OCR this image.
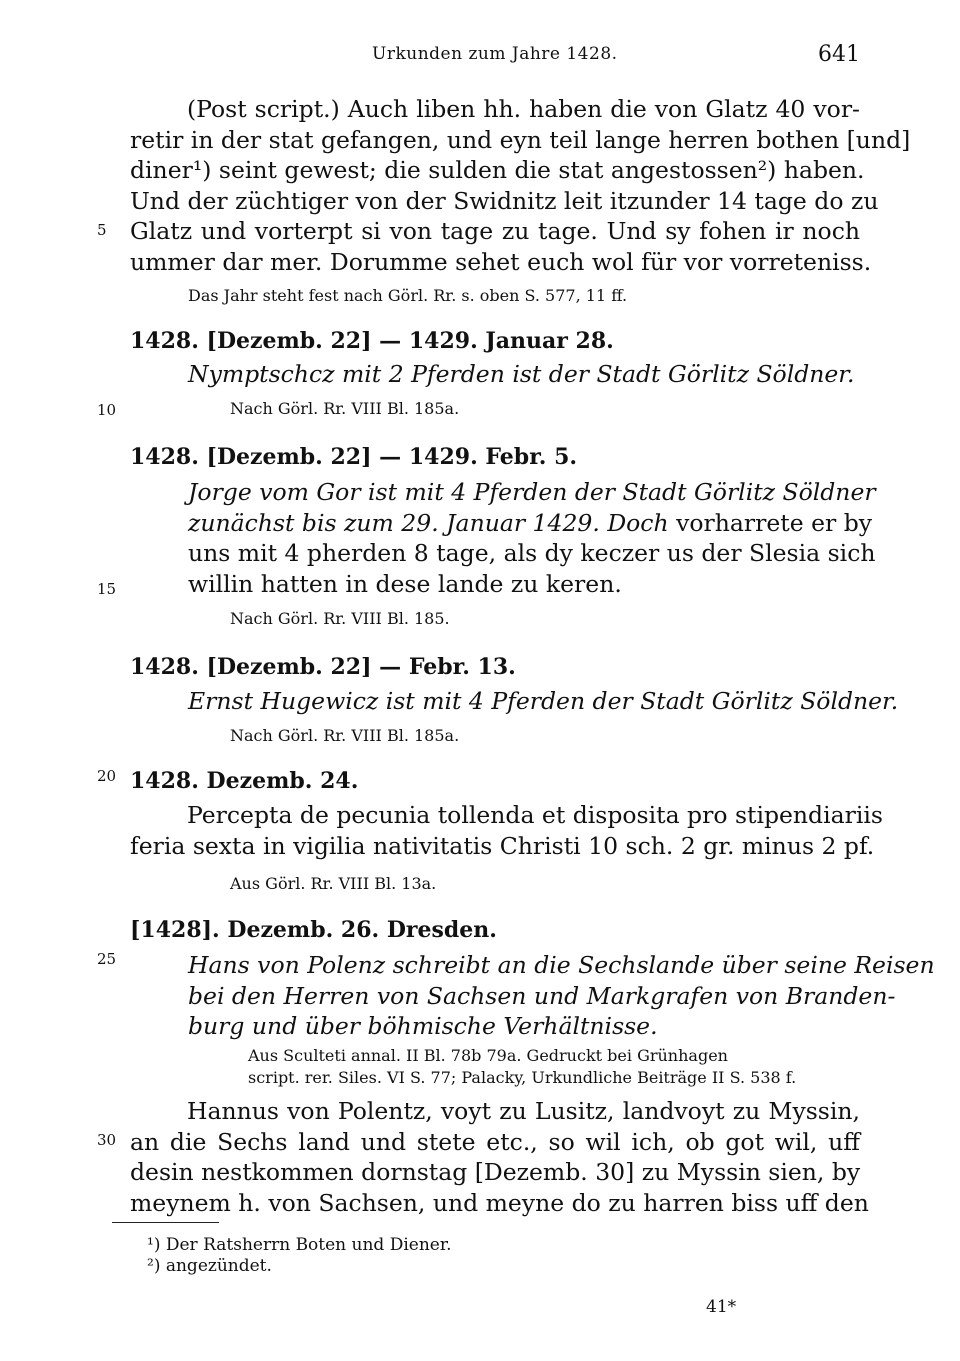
Urkunden zum Jahre 1428.	641
5
10
15
20
25
30
(Post script.) Auch liben hh. haben die von Glatz 40 vor-
retir in der stat gefangen, und eyn teil lange herren bothen [und]
diner¹) seint gewest; die sulden die stat angestossen²) haben.
Und der züchtiger von der Swidnitz leit itzunder 14 tage do zu
Glatz und vorterpt si von tage zu tage. Und sy fohen ir noch
ummer dar mer. Dorumme sehet euch wol für vor vorreteniss.
Das Jahr steht fest nach Görl. Rr. s. oben S. 577, 11 ff.
1428. [Dezemb. 22] — 1429. Januar 28.
Nymptschcz mit 2 Pferden ist der Stadt Görlitz Söldner.
Nach Görl. Rr. VIII Bl. 185a.
1428. [Dezemb. 22] — 1429. Febr. 5.
Jorge vom Gor ist mit 4 Pferden der Stadt Görlitz Söldner
zunächst bis zum 29. Januar 1429. Doch vorharrete er by
uns mit 4 pherden 8 tage, als dy keczer us der Slesia sich
willin hatten in dese lande zu keren.
Nach Görl. Rr. VIII Bl. 185.
1428. [Dezemb. 22] — Febr. 13.
Ernst Hugewicz ist mit 4 Pferden der Stadt Görlitz Söldner.
Nach Görl. Rr. VIII Bl. 185a.
1428. Dezemb. 24.
Percepta de pecunia tollenda et disposita pro stipendiariis
feria sexta in vigilia nativitatis Christi 10 sch. 2 gr. minus 2 pf.
Aus Görl. Rr. VIII Bl. 13a.
[1428]. Dezemb. 26. Dresden.
Hans von Polenz schreibt an die Sechslande über seine Reisen
bei den Herren von Sachsen und Markgrafen von Branden-
burg und über böhmische Verhältnisse.
Aus Sculteti annal. II Bl. 78b 79a. Gedruckt bei Grünhagen
script. rer. Siles. VI S. 77; Palacky, Urkundliche Beiträge II S. 538 f.
Hannus von Polentz, voyt zu Lusitz, landvoyt zu Myssin,
an die Sechs land und stete etc., so wil ich, ob got wil, uff
desin nestkommen dornstag [Dezemb. 30] zu Myssin sien, by
meynem h. von Sachsen, und meyne do zu harren biss uff den
¹) Der Ratsherrn Boten und Diener.
²) angezündet.
41*
